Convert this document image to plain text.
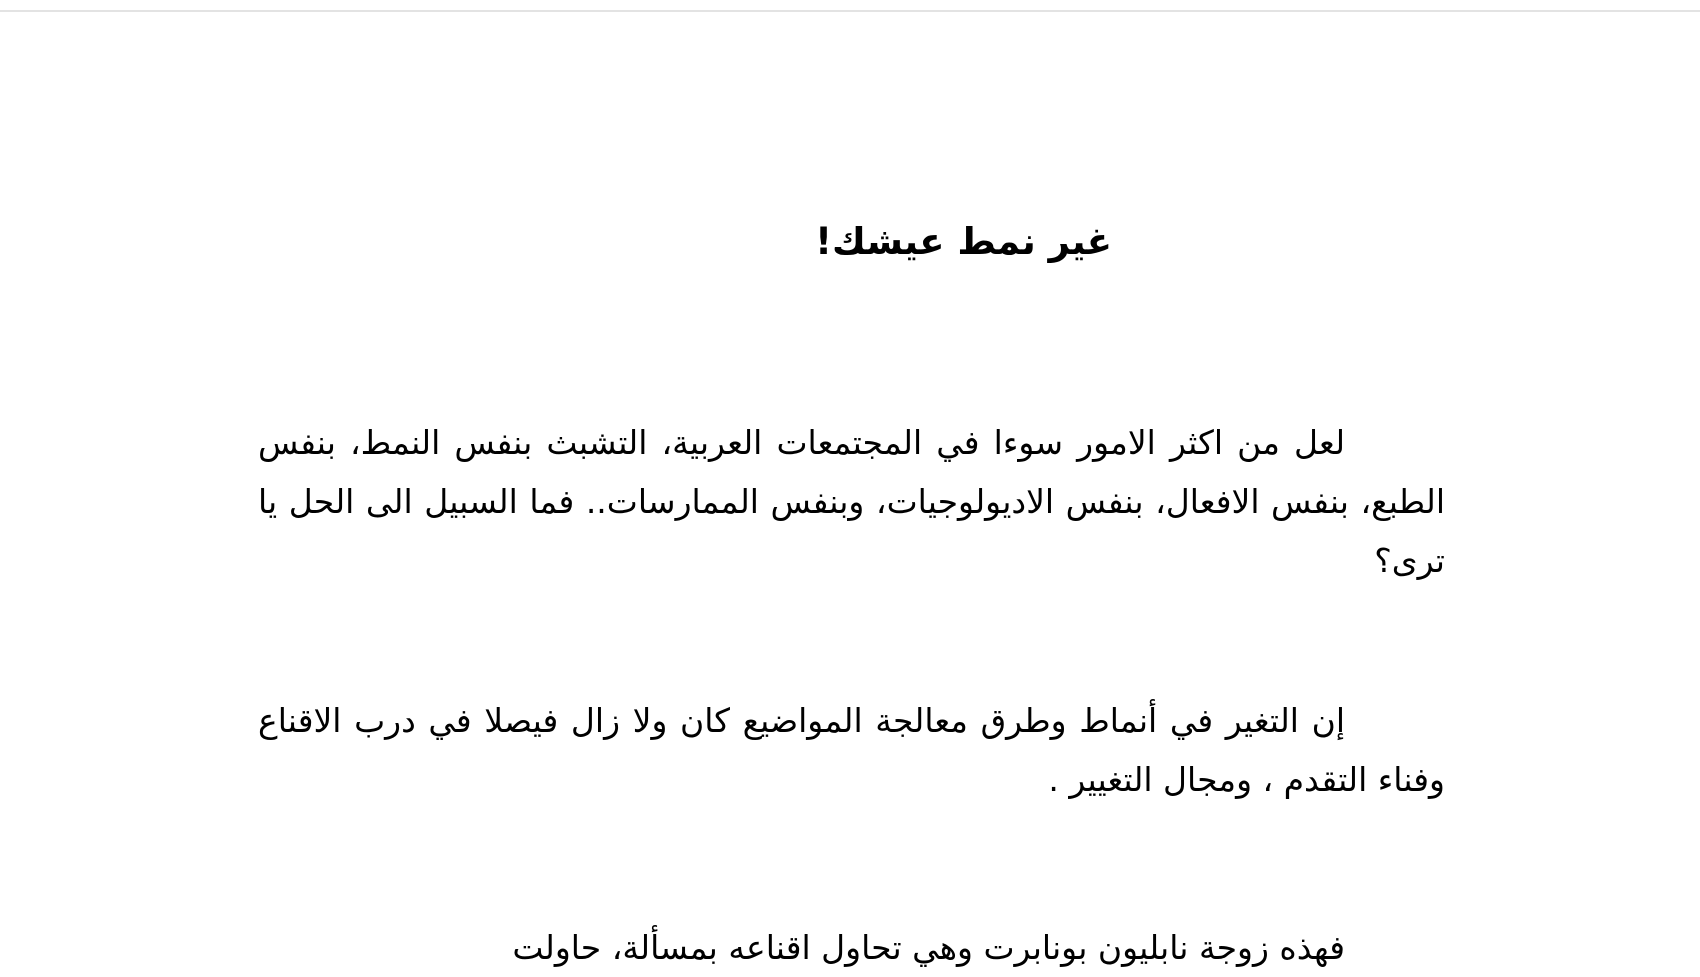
غير نمط عيشك!

لعل من اكثر الامور سوءا في المجتمعات العربية، التشبث بنفس النمط، بنفس الطبع، بنفس الافعال، بنفس الاديولوجيات، وبنفس الممارسات.. فما السبيل الى الحل يا ترى؟

إن التغير في أنماط وطرق معالجة المواضيع كان ولا زال فيصلا في درب الاقناع وفناء التقدم ، ومجال التغيير .

فهذه زوجة نابليون بونابرت وهي تحاول اقناعه بمسألة، حاولت
